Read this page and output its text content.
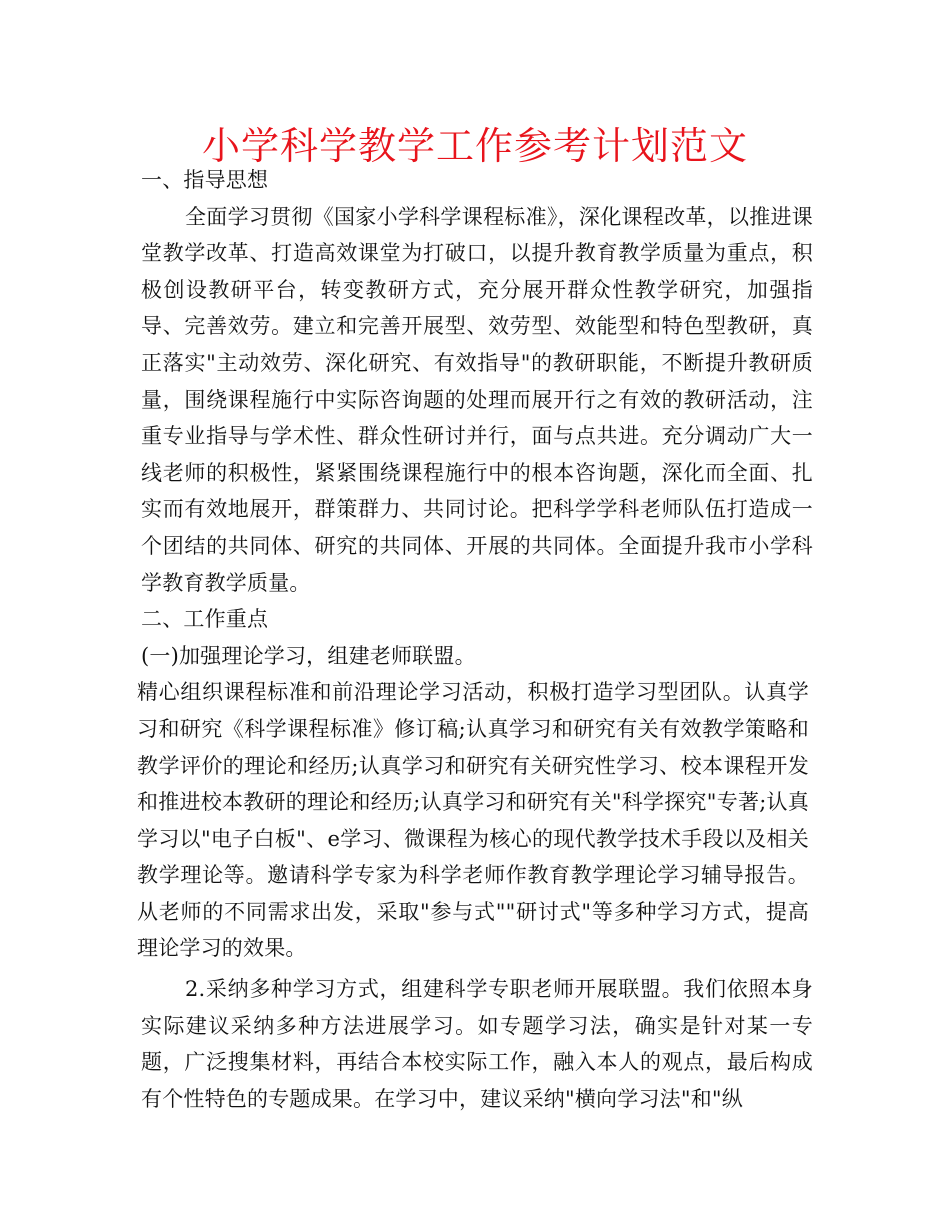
小学科学教学工作参考计划范文

一、指导思想

全面学习贯彻《国家小学科学课程标准》，深化课程改革，以推进课堂教学改革、打造高效课堂为打破口，以提升教育教学质量为重点，积极创设教研平台，转变教研方式，充分展开群众性教学研究，加强指导、完善效劳。建立和完善开展型、效劳型、效能型和特色型教研，真正落实"主动效劳、深化研究、有效指导"的教研职能，不断提升教研质量，围绕课程施行中实际咨询题的处理而展开行之有效的教研活动，注重专业指导与学术性、群众性研讨并行，面与点共进。充分调动广大一线老师的积极性，紧紧围绕课程施行中的根本咨询题，深化而全面、扎实而有效地展开，群策群力、共同讨论。把科学学科老师队伍打造成一个团结的共同体、研究的共同体、开展的共同体。全面提升我市小学科学教育教学质量。

二、工作重点

(一)加强理论学习，组建老师联盟。

精心组织课程标准和前沿理论学习活动，积极打造学习型团队。认真学习和研究《科学课程标准》修订稿;认真学习和研究有关有效教学策略和教学评价的理论和经历;认真学习和研究有关研究性学习、校本课程开发和推进校本教研的理论和经历;认真学习和研究有关"科学探究"专著;认真学习以"电子白板"、e学习、微课程为核心的现代教学技术手段以及相关教学理论等。邀请科学专家为科学老师作教育教学理论学习辅导报告。从老师的不同需求出发，采取"参与式""研讨式"等多种学习方式，提高理论学习的效果。

2.采纳多种学习方式，组建科学专职老师开展联盟。我们依照本身实际建议采纳多种方法进展学习。如专题学习法，确实是针对某一专题，广泛搜集材料，再结合本校实际工作，融入本人的观点，最后构成有个性特色的专题成果。在学习中，建议采纳"横向学习法"和"纵
